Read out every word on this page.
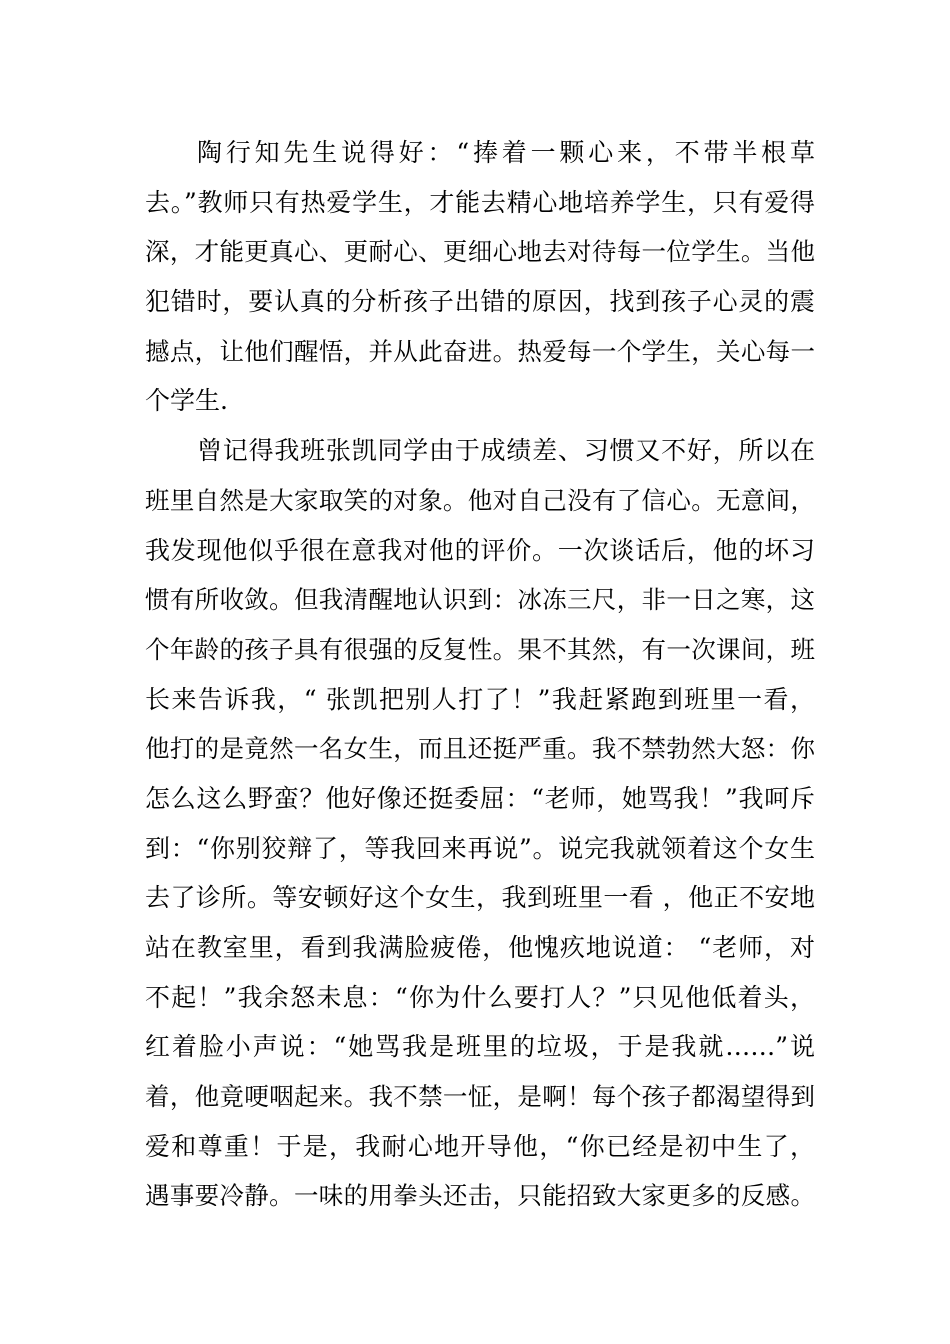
陶行知先生说得好：“捧着一颗心来，不带半根草
去。”教师只有热爱学生，才能去精心地培养学生，只有爱得
深，才能更真心、更耐心、更细心地去对待每一位学生。当他
犯错时，要认真的分析孩子出错的原因，找到孩子心灵的震
撼点，让他们醒悟，并从此奋进。热爱每一个学生，关心每一
个学生.
曾记得我班张凯同学由于成绩差、习惯又不好，所以在
班里自然是大家取笑的对象。他对自己没有了信心。无意间，
我发现他似乎很在意我对他的评价。一次谈话后，他的坏习
惯有所收敛。但我清醒地认识到：冰冻三尺，非一日之寒，这
个年龄的孩子具有很强的反复性。果不其然，有一次课间，班
长来告诉我，“ 张凯把别人打了！”我赶紧跑到班里一看，
他打的是竟然一名女生，而且还挺严重。我不禁勃然大怒：你
怎么这么野蛮？他好像还挺委屈：“老师，她骂我！”我呵斥
到：“你别狡辩了，等我回来再说”。说完我就领着这个女生
去了诊所。等安顿好这个女生，我到班里一看 ，他正不安地
站在教室里，看到我满脸疲倦，他愧疚地说道： “老师，对
不起！”我余怒未息：“你为什么要打人？”只见他低着头，
红着脸小声说：“她骂我是班里的垃圾，于是我就……”说
着，他竟哽咽起来。我不禁一怔，是啊！每个孩子都渴望得到
爱和尊重！于是，我耐心地开导他，“你已经是初中生了，
遇事要冷静。一味的用拳头还击，只能招致大家更多的反感。
